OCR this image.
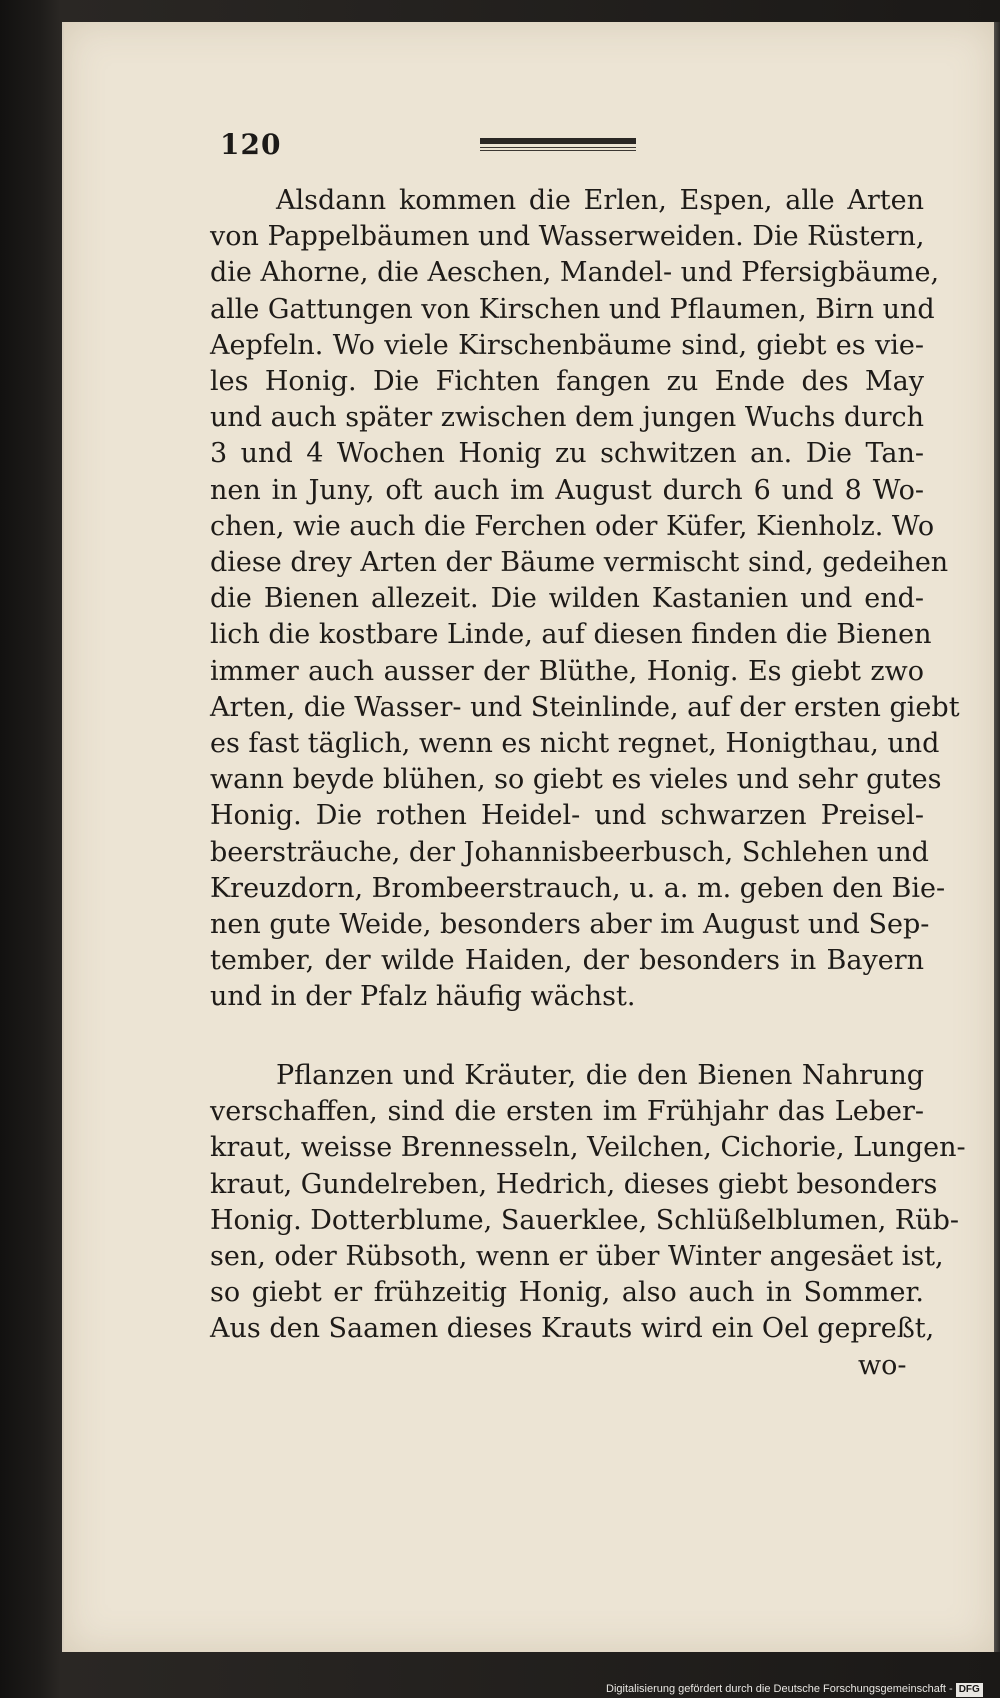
120
Alsdann kommen die Erlen, Espen, alle Arten
von Pappelbäumen und Wasserweiden. Die Rüstern,
die Ahorne, die Aeschen, Mandel- und Pfersigbäume,
alle Gattungen von Kirschen und Pflaumen, Birn und
Aepfeln. Wo viele Kirschenbäume sind, giebt es vie-
les Honig. Die Fichten fangen zu Ende des May
und auch später zwischen dem jungen Wuchs durch
3 und 4 Wochen Honig zu schwitzen an. Die Tan-
nen in Juny, oft auch im August durch 6 und 8 Wo-
chen, wie auch die Ferchen oder Küfer, Kienholz. Wo
diese drey Arten der Bäume vermischt sind, gedeihen
die Bienen allezeit. Die wilden Kastanien und end-
lich die kostbare Linde, auf diesen finden die Bienen
immer auch ausser der Blüthe, Honig. Es giebt zwo
Arten, die Wasser- und Steinlinde, auf der ersten giebt
es fast täglich, wenn es nicht regnet, Honigthau, und
wann beyde blühen, so giebt es vieles und sehr gutes
Honig. Die rothen Heidel- und schwarzen Preisel-
beersträuche, der Johannisbeerbusch, Schlehen und
Kreuzdorn, Brombeerstrauch, u. a. m. geben den Bie-
nen gute Weide, besonders aber im August und Sep-
tember, der wilde Haiden, der besonders in Bayern
und in der Pfalz häufig wächst.
Pflanzen und Kräuter, die den Bienen Nahrung
verschaffen, sind die ersten im Frühjahr das Leber-
kraut, weisse Brennesseln, Veilchen, Cichorie, Lungen-
kraut, Gundelreben, Hedrich, dieses giebt besonders
Honig. Dotterblume, Sauerklee, Schlüßelblumen, Rüb-
sen, oder Rübsoth, wenn er über Winter angesäet ist,
so giebt er frühzeitig Honig, also auch in Sommer.
Aus den Saamen dieses Krauts wird ein Oel gepreßt,
wo-
Digitalisierung gefördert durch die Deutsche Forschungsgemeinschaft - DFG
